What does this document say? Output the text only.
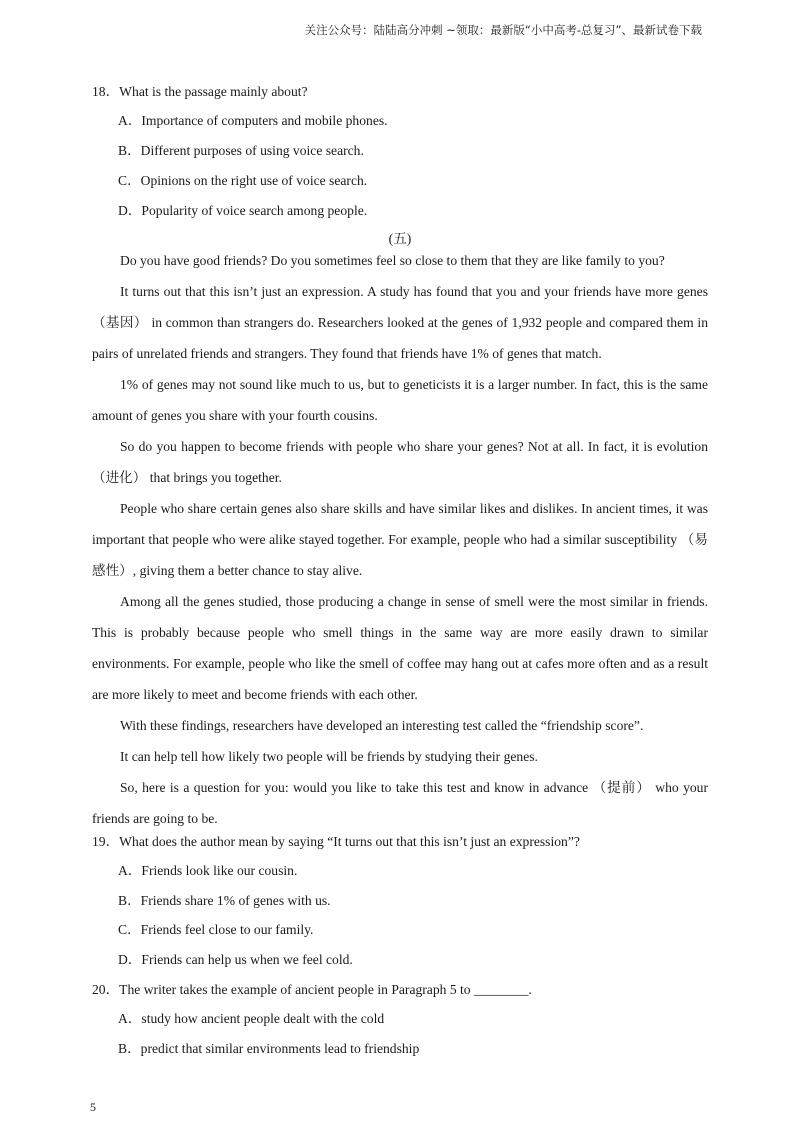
关注公众号：陆陆高分冲刺 ~领取：最新版“小中高考-总复习”、最新试卷下载
18．What is the passage mainly about?
A．Importance of computers and mobile phones.
B．Different purposes of using voice search.
C．Opinions on the right use of voice search.
D．Popularity of voice search among people.
(五)

Do you have good friends? Do you sometimes feel so close to them that they are like family to you?

It turns out that this isn’t just an expression. A study has found that you and your friends have more genes （基因） in common than strangers do. Researchers looked at the genes of 1,932 people and compared them in pairs of unrelated friends and strangers. They found that friends have 1% of genes that match.

1% of genes may not sound like much to us, but to geneticists it is a larger number. In fact, this is the same amount of genes you share with your fourth cousins.

So do you happen to become friends with people who share your genes? Not at all. In fact, it is evolution （进化） that brings you together.

People who share certain genes also share skills and have similar likes and dislikes. In ancient times, it was important that people who were alike stayed together. For example, people who had a similar susceptibility （易感性）, giving them a better chance to stay alive.

Among all the genes studied, those producing a change in sense of smell were the most similar in friends. This is probably because people who smell things in the same way are more easily drawn to similar environments. For example, people who like the smell of coffee may hang out at cafes more often and as a result are more likely to meet and become friends with each other.

With these findings, researchers have developed an interesting test called the “friendship score”.

It can help tell how likely two people will be friends by studying their genes.

So, here is a question for you: would you like to take this test and know in advance （提前） who your friends are going to be.

19．What does the author mean by saying “It turns out that this isn’t just an expression”?
A．Friends look like our cousin.
B．Friends share 1% of genes with us.
C．Friends feel close to our family.
D．Friends can help us when we feel cold.
20．The writer takes the example of ancient people in Paragraph 5 to ________.
A．study how ancient people dealt with the cold
B．predict that similar environments lead to friendship
5
